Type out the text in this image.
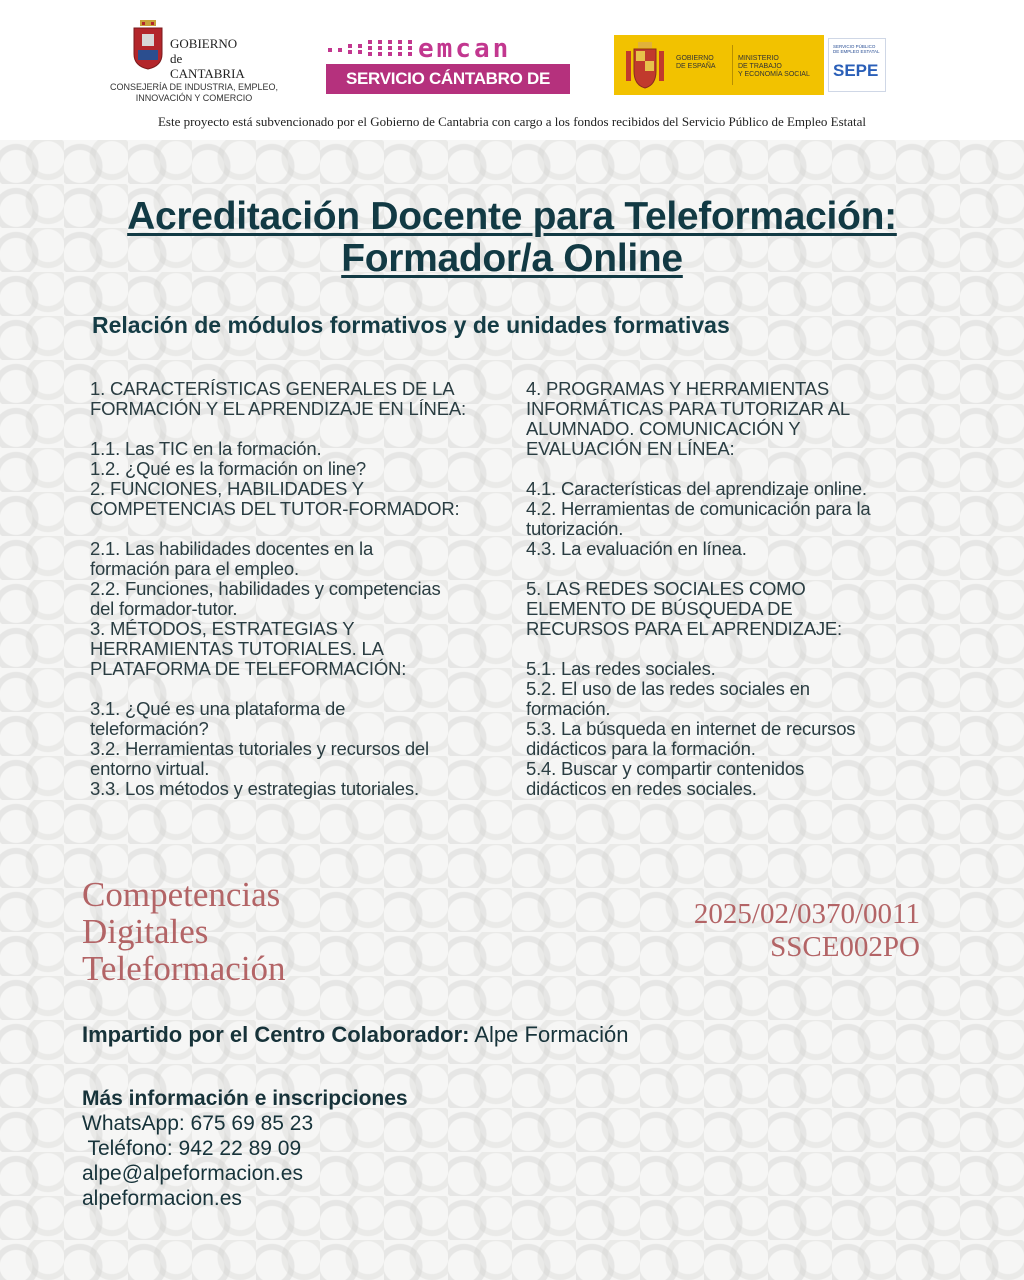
GOBIERNO
de
CANTABRIA
CONSEJERÍA DE INDUSTRIA, EMPLEO,
INNOVACIÓN Y COMERCIO
emcan
SERVICIO CÁNTABRO DE EMPLEO
GOBIERNO
DE ESPAÑA
MINISTERIO
DE TRABAJO
Y ECONOMÍA SOCIAL
SERVICIO PÚBLICO
DE EMPLEO ESTATAL
SEPE
Este proyecto está subvencionado por el Gobierno de Cantabria con cargo a los fondos recibidos del Servicio Público de Empleo Estatal
Acreditación Docente para Teleformación:
Formador/a Online
Relación de módulos formativos y de unidades formativas

1. CARACTERÍSTICAS GENERALES DE LA
FORMACIÓN Y EL APRENDIZAJE EN LÍNEA:

1.1. Las TIC en la formación.

1.2. ¿Qué es la formación on line?

2. FUNCIONES, HABILIDADES Y
COMPETENCIAS DEL TUTOR-FORMADOR:

2.1. Las habilidades docentes en la
formación para el empleo.

2.2. Funciones, habilidades y competencias
del formador-tutor.

3. MÉTODOS, ESTRATEGIAS Y
HERRAMIENTAS TUTORIALES. LA
PLATAFORMA DE TELEFORMACIÓN:

3.1. ¿Qué es una plataforma de
teleformación?

3.2. Herramientas tutoriales y recursos del
entorno virtual.

3.3. Los métodos y estrategias tutoriales.

4. PROGRAMAS Y HERRAMIENTAS
INFORMÁTICAS PARA TUTORIZAR AL
ALUMNADO. COMUNICACIÓN Y
EVALUACIÓN EN LÍNEA:

4.1. Características del aprendizaje online.

4.2. Herramientas de comunicación para la
tutorización.

4.3. La evaluación en línea.

5. LAS REDES SOCIALES COMO
ELEMENTO DE BÚSQUEDA DE
RECURSOS PARA EL APRENDIZAJE:

5.1. Las redes sociales.

5.2. El uso de las redes sociales en
formación.

5.3. La búsqueda en internet de recursos
didácticos para la formación.

5.4. Buscar y compartir contenidos
didácticos en redes sociales.

Competencias
Digitales
Teleformación
2025/02/0370/0011
SSCE002PO
Impartido por el Centro Colaborador: Alpe Formación
Más información e inscripciones
WhatsApp: 675 69 85 23
Teléfono: 942 22 89 09
alpe@alpeformacion.es
alpeformacion.es
